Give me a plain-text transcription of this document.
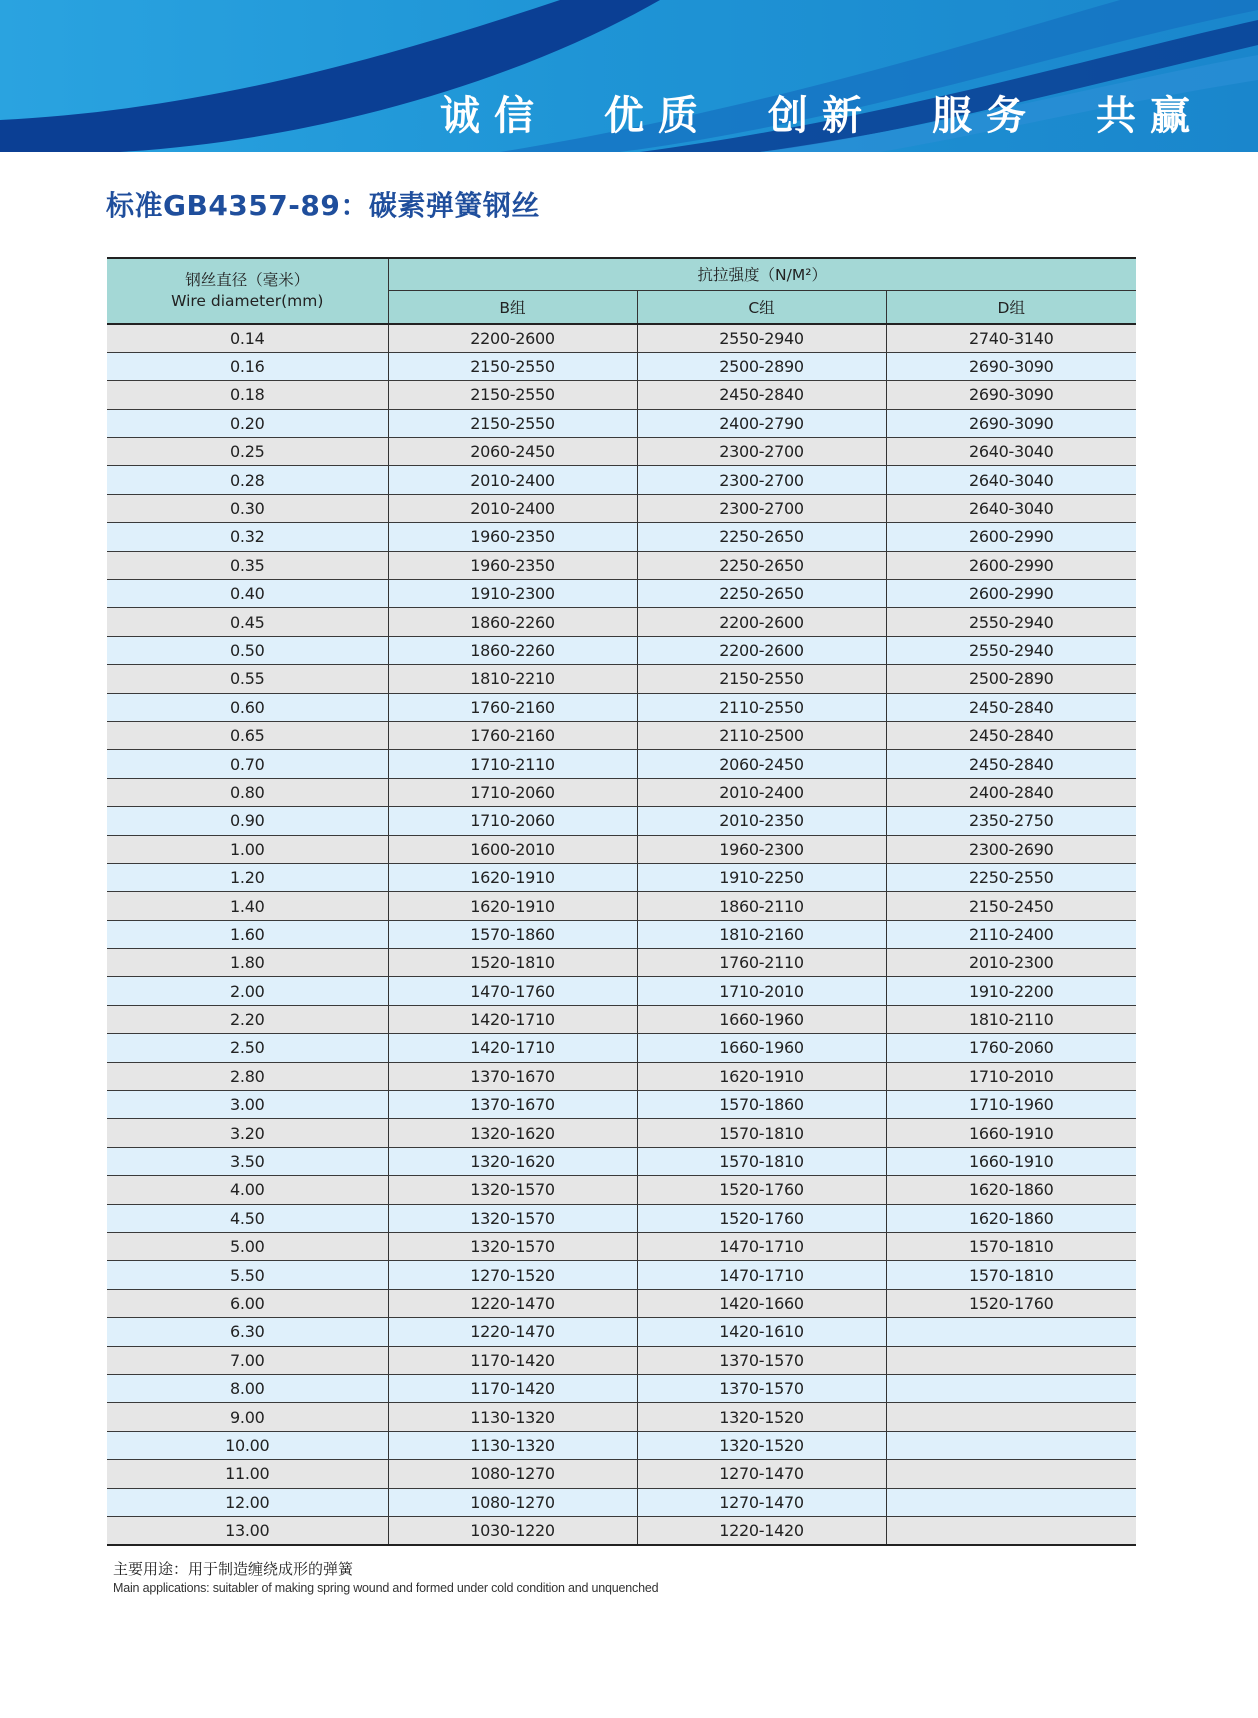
诚信 优质 创新 服务 共赢
标准GB4357-89：碳素弹簧钢丝
钢丝直径（毫米）
Wire diameter(mm)	抗拉强度（N/M²）		
	B组	C组	D组
0.14	2200-2600	2550-2940	2740-3140
0.16	2150-2550	2500-2890	2690-3090
0.18	2150-2550	2450-2840	2690-3090
0.20	2150-2550	2400-2790	2690-3090
0.25	2060-2450	2300-2700	2640-3040
0.28	2010-2400	2300-2700	2640-3040
0.30	2010-2400	2300-2700	2640-3040
0.32	1960-2350	2250-2650	2600-2990
0.35	1960-2350	2250-2650	2600-2990
0.40	1910-2300	2250-2650	2600-2990
0.45	1860-2260	2200-2600	2550-2940
0.50	1860-2260	2200-2600	2550-2940
0.55	1810-2210	2150-2550	2500-2890
0.60	1760-2160	2110-2550	2450-2840
0.65	1760-2160	2110-2500	2450-2840
0.70	1710-2110	2060-2450	2450-2840
0.80	1710-2060	2010-2400	2400-2840
0.90	1710-2060	2010-2350	2350-2750
1.00	1600-2010	1960-2300	2300-2690
1.20	1620-1910	1910-2250	2250-2550
1.40	1620-1910	1860-2110	2150-2450
1.60	1570-1860	1810-2160	2110-2400
1.80	1520-1810	1760-2110	2010-2300
2.00	1470-1760	1710-2010	1910-2200
2.20	1420-1710	1660-1960	1810-2110
2.50	1420-1710	1660-1960	1760-2060
2.80	1370-1670	1620-1910	1710-2010
3.00	1370-1670	1570-1860	1710-1960
3.20	1320-1620	1570-1810	1660-1910
3.50	1320-1620	1570-1810	1660-1910
4.00	1320-1570	1520-1760	1620-1860
4.50	1320-1570	1520-1760	1620-1860
5.00	1320-1570	1470-1710	1570-1810
5.50	1270-1520	1470-1710	1570-1810
6.00	1220-1470	1420-1660	1520-1760
6.30	1220-1470	1420-1610	
7.00	1170-1420	1370-1570	
8.00	1170-1420	1370-1570	
9.00	1130-1320	1320-1520	
10.00	1130-1320	1320-1520	
11.00	1080-1270	1270-1470	
12.00	1080-1270	1270-1470	
13.00	1030-1220	1220-1420	
主要用途：用于制造缠绕成形的弹簧
Main applications: suitabler of making spring wound and formed under cold condition and unquenched
